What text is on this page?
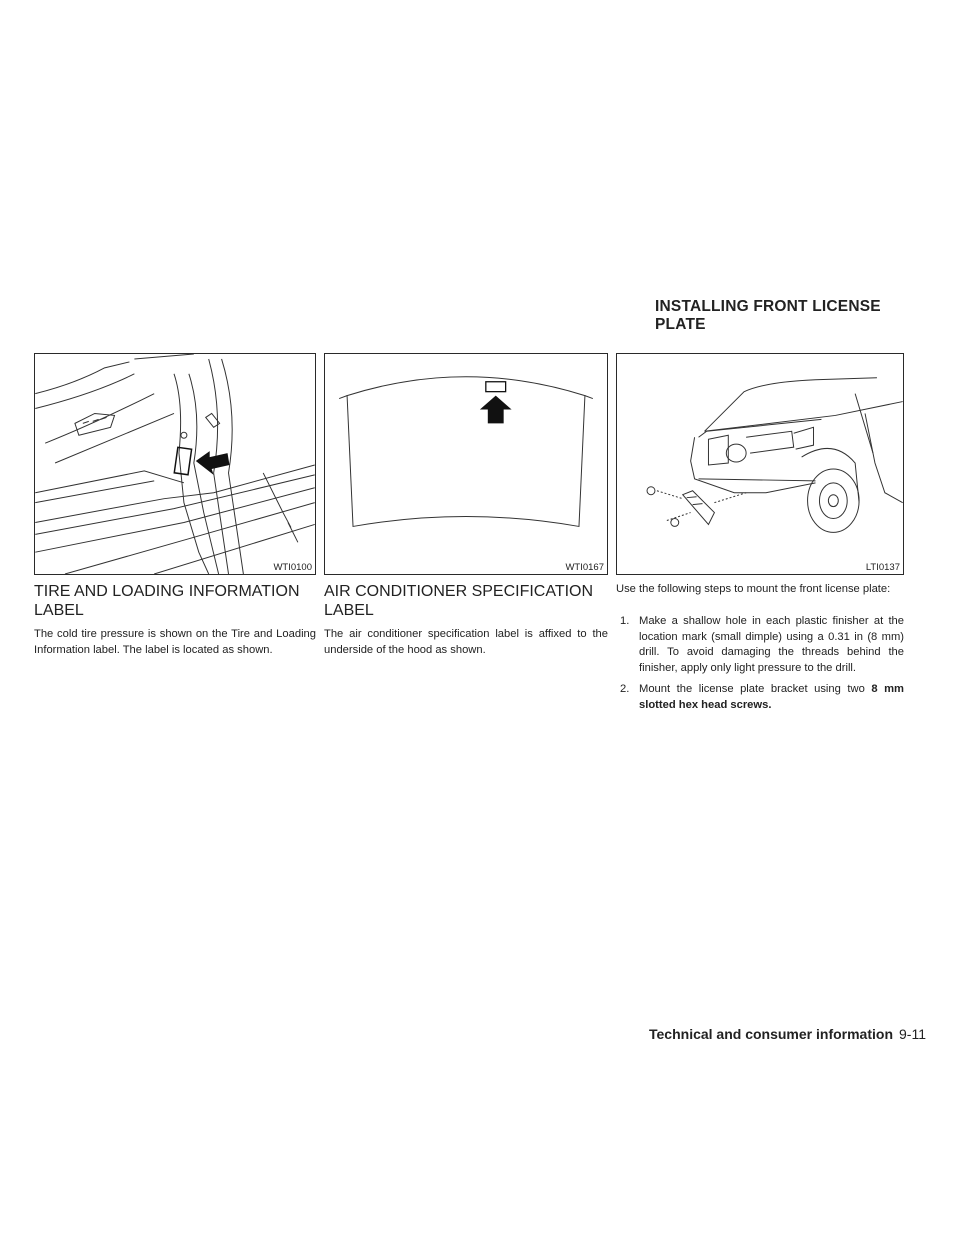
INSTALLING FRONT LICENSE PLATE
WTI0100	WTI0167	LTI0137
TIRE AND LOADING INFORMATION LABEL

The cold tire pressure is shown on the Tire and Loading Information label. The label is located as shown.

AIR CONDITIONER SPECIFICATION LABEL

The air conditioner specification label is affixed to the underside of the hood as shown.

Use the following steps to mount the front license plate:

1. Make a shallow hole in each plastic finisher at the location mark (small dimple) using a 0.31 in (8 mm) drill. To avoid damaging the threads behind the finisher, apply only light pressure to the drill.
2. Mount the license plate bracket using two 8 mm slotted hex head screws.
Technical and consumer information 9-11
